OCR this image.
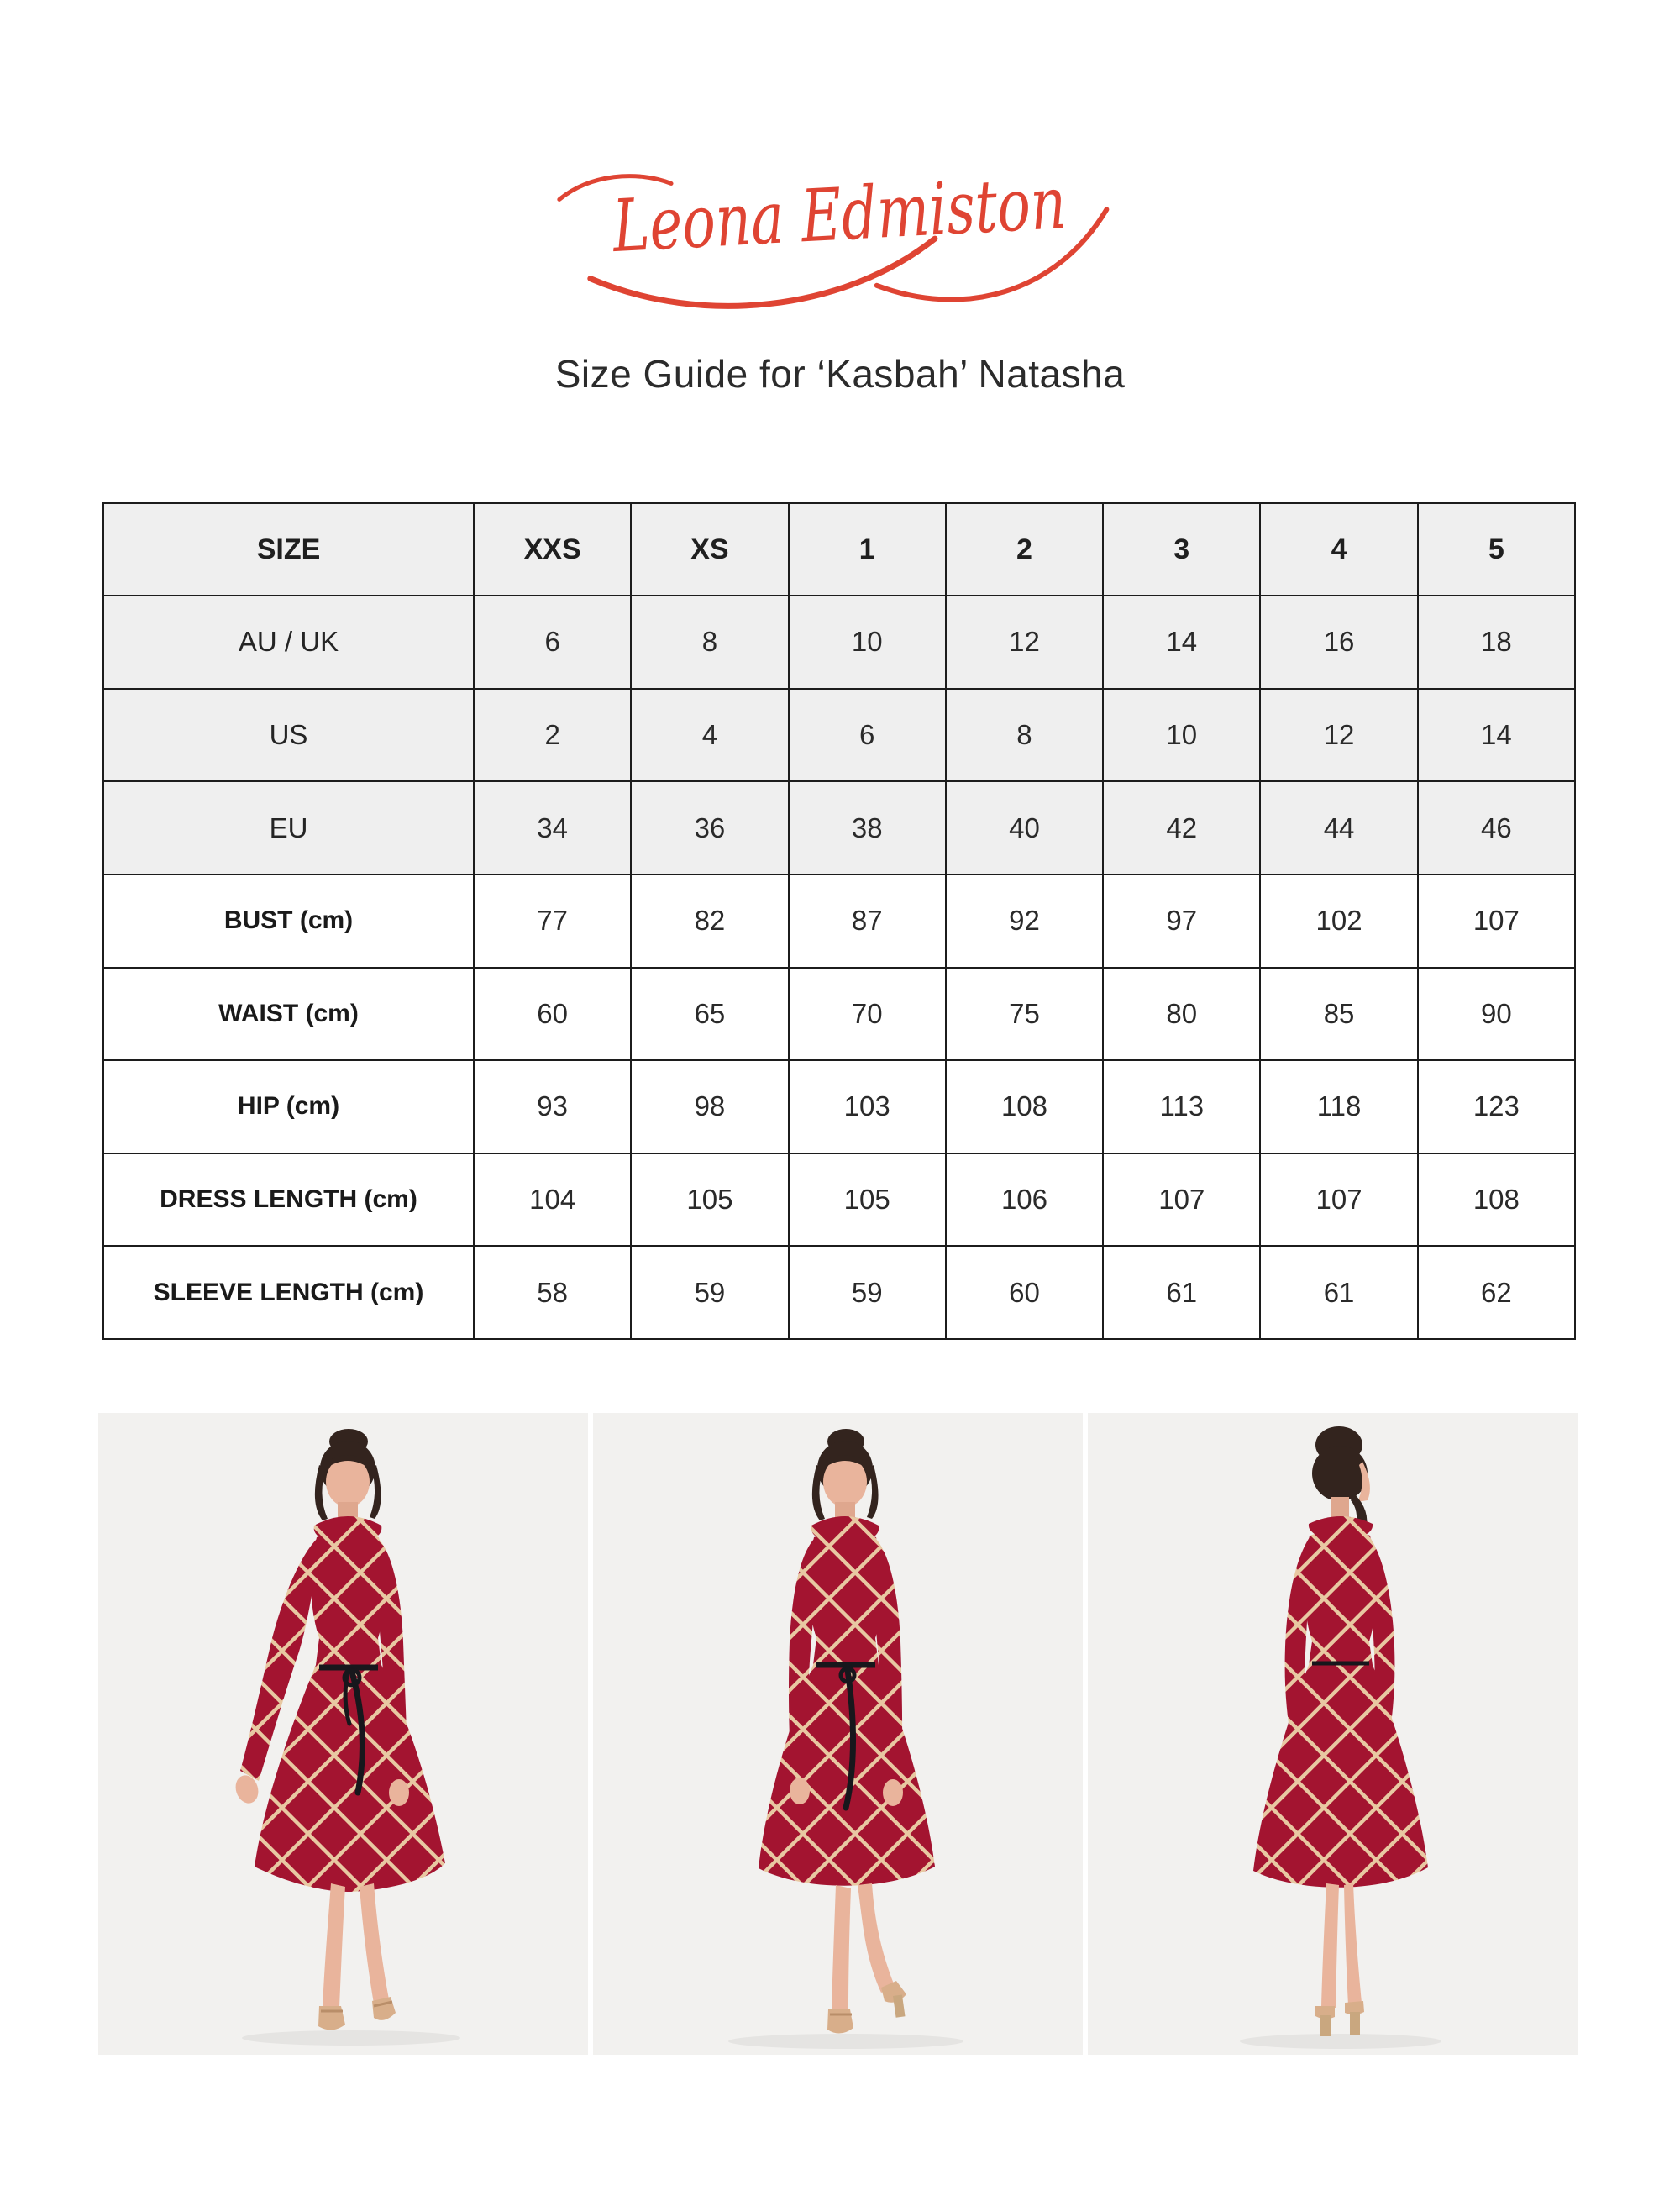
Leona Edmiston
Size Guide for ‘Kasbah’ Natasha
SIZE	XXS	XS	1	2	3	4	5
AU / UK	6	8	10	12	14	16	18
US	2	4	6	8	10	12	14
EU	34	36	38	40	42	44	46
BUST (cm)	77	82	87	92	97	102	107
WAIST (cm)	60	65	70	75	80	85	90
HIP (cm)	93	98	103	108	113	118	123
DRESS LENGTH (cm)	104	105	105	106	107	107	108
SLEEVE LENGTH (cm)	58	59	59	60	61	61	62
